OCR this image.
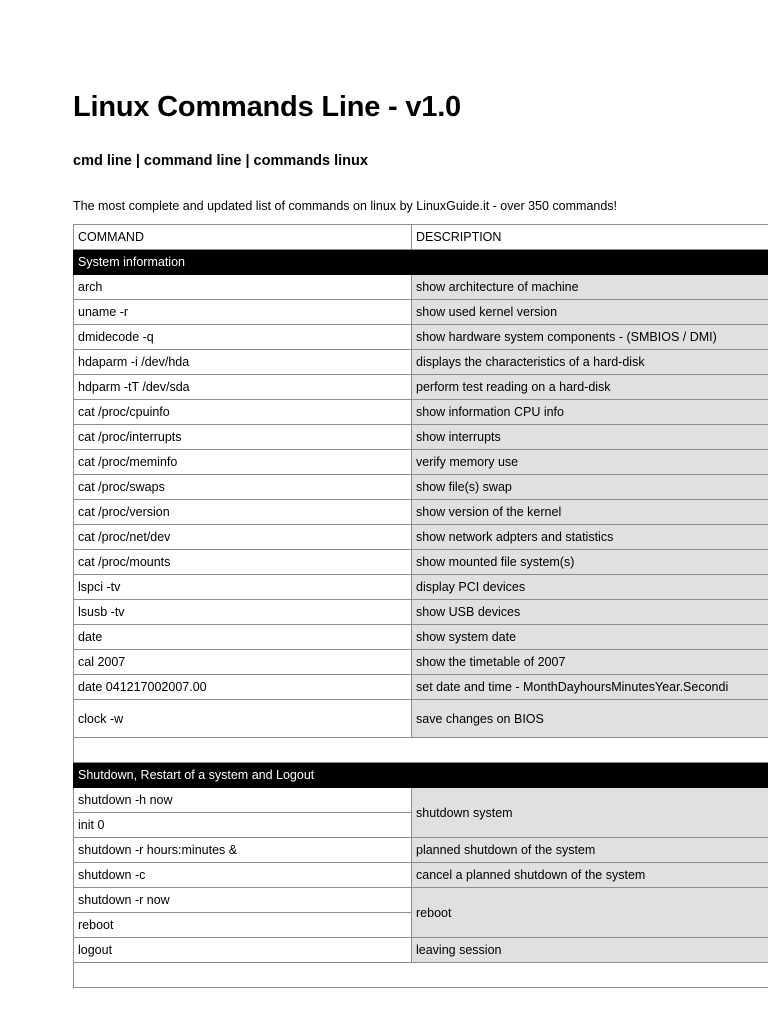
Linux Commands Line - v1.0

cmd line | command line | commands linux

The most complete and updated list of commands on linux by LinuxGuide.it - over 350 commands!

COMMAND	DESCRIPTION
System information	
arch	show architecture of machine
uname -r	show used kernel version
dmidecode -q	show hardware system components - (SMBIOS / DMI)
hdaparm -i /dev/hda	displays the characteristics of a hard-disk
hdparm -tT /dev/sda	perform test reading on a hard-disk
cat /proc/cpuinfo	show information CPU info
cat /proc/interrupts	show interrupts
cat /proc/meminfo	verify memory use
cat /proc/swaps	show file(s) swap
cat /proc/version	show version of the kernel
cat /proc/net/dev	show network adpters and statistics
cat /proc/mounts	show mounted file system(s)
lspci -tv	display PCI devices
lsusb -tv	show USB devices
date	show system date
cal 2007	show the timetable of 2007
date 041217002007.00	set date and time - MonthDayhoursMinutesYear.Secondi
clock -w	save changes on BIOS

Shutdown, Restart of a system and Logout	
shutdown -h now	shutdown system
init 0	
shutdown -r hours:minutes &	planned shutdown of the system
shutdown -c	cancel a planned shutdown of the system
shutdown -r now	reboot
reboot	
logout	leaving session
